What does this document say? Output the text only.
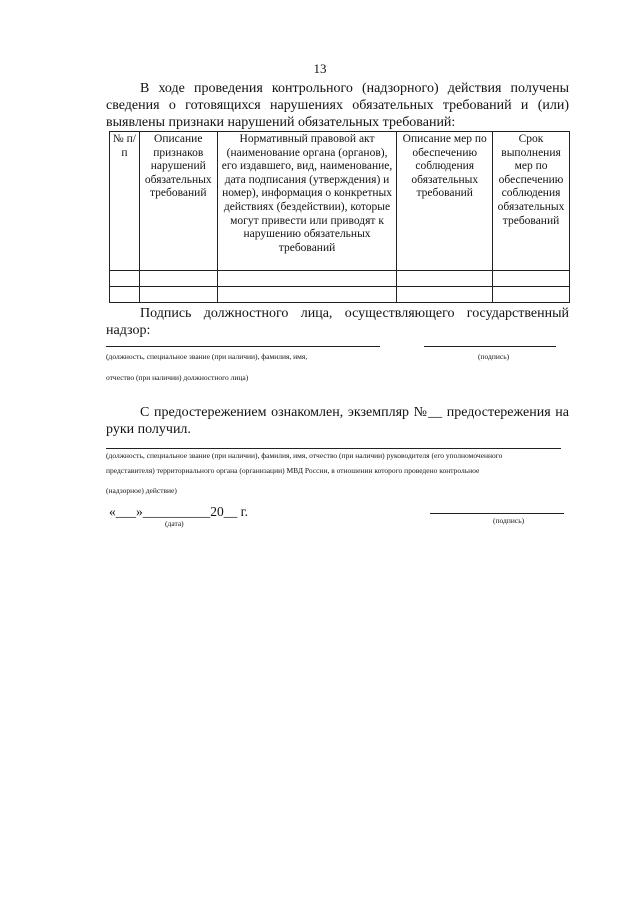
13
В ходе проведения контрольного (надзорного) действия получены сведения о готовящихся нарушениях обязательных требований и (или) выявлены признаки нарушений обязательных требований:
№ п/п	Описание признаков нарушений обязательных требований	Нормативный правовой акт (наименование органа (органов), его издавшего, вид, наименование, дата подписания (утверждения) и номер), информация о конкретных действиях (бездействии), которые могут привести или приводят к нарушению обязательных требований	Описание мер по обеспечению соблюдения обязательных требований	Срок выполнения мер по обеспечению соблюдения обязательных требований

Подпись должностного лица, осуществляющего государственный надзор:
(должность, специальное звание (при наличии), фамилия, имя,	(подпись)
отчество (при наличии) должностного лица)
С предостережением ознакомлен, экземпляр №__ предостережения на руки получил.
(должность, специальное звание (при наличии), фамилия, имя, отчество (при наличии) руководителя (его уполномоченного
представителя) территориального органа (организации) МВД России, в отношении которого проведено контрольное
(надзорное) действие)
«___»__________20__ г.
(дата)	(подпись)
